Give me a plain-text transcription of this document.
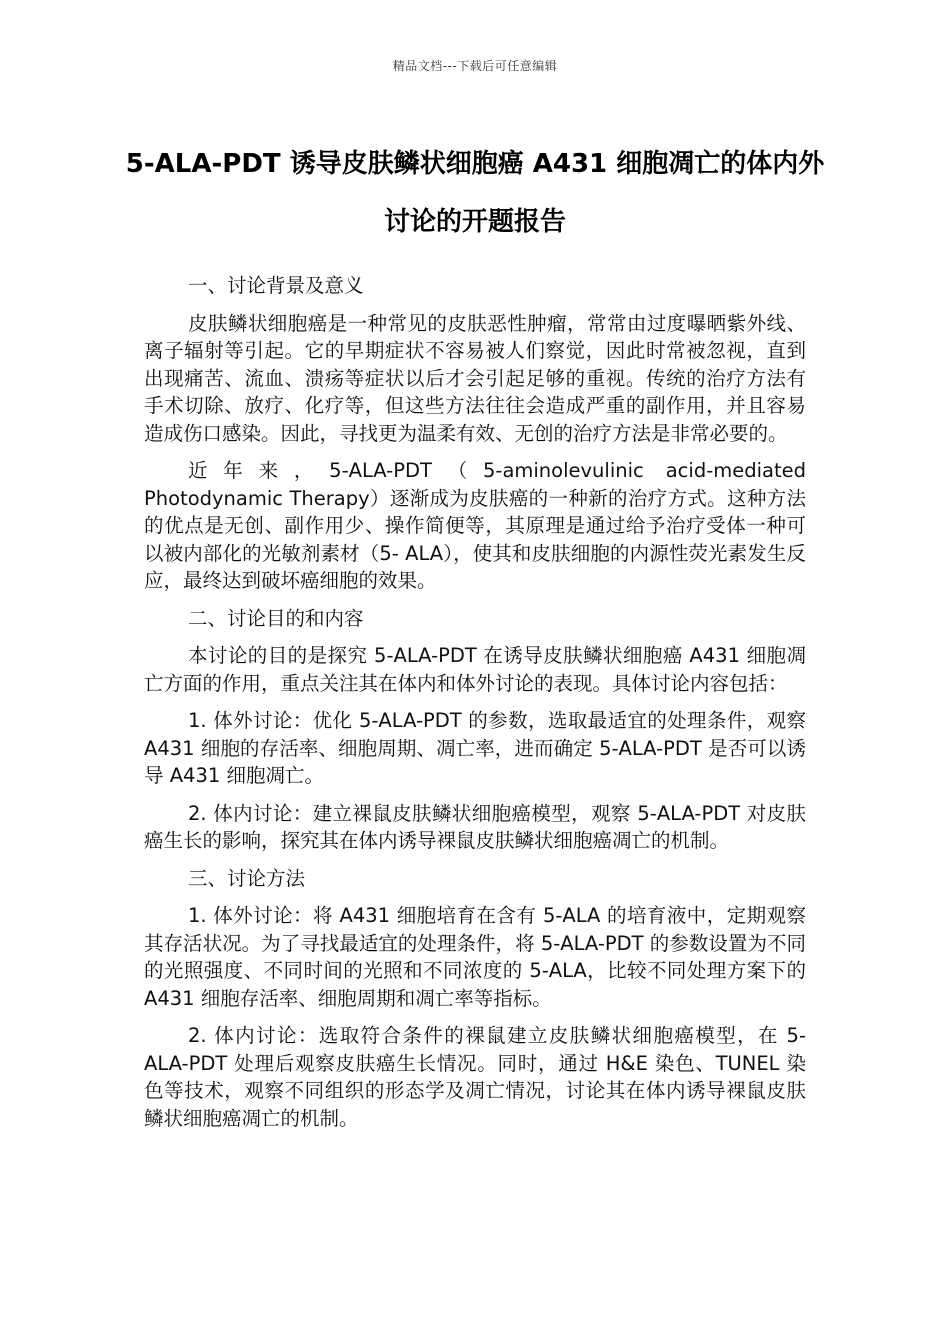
精品文档---下载后可任意编辑
5-ALA-PDT 诱导皮肤鳞状细胞癌 A431 细胞凋亡的体内外讨论的开题报告

一、讨论背景及意义

皮肤鳞状细胞癌是一种常见的皮肤恶性肿瘤，常常由过度曝晒紫外线、离子辐射等引起。它的早期症状不容易被人们察觉，因此时常被忽视，直到出现痛苦、流血、溃疡等症状以后才会引起足够的重视。传统的治疗方法有手术切除、放疗、化疗等，但这些方法往往会造成严重的副作用，并且容易造成伤口感染。因此，寻找更为温柔有效、无创的治疗方法是非常必要的。

近年来，5-ALA-PDT（5-aminolevulinic acid-mediated Photodynamic Therapy）逐渐成为皮肤癌的一种新的治疗方式。这种方法的优点是无创、副作用少、操作简便等，其原理是通过给予治疗受体一种可以被内部化的光敏剂素材（5- ALA），使其和皮肤细胞的内源性荧光素发生反应，最终达到破坏癌细胞的效果。

二、讨论目的和内容

本讨论的目的是探究 5-ALA-PDT 在诱导皮肤鳞状细胞癌 A431 细胞凋亡方面的作用，重点关注其在体内和体外讨论的表现。具体讨论内容包括：

1. 体外讨论：优化 5-ALA-PDT 的参数，选取最适宜的处理条件，观察 A431 细胞的存活率、细胞周期、凋亡率，进而确定 5-ALA-PDT 是否可以诱导 A431 细胞凋亡。

2. 体内讨论：建立裸鼠皮肤鳞状细胞癌模型，观察 5-ALA-PDT 对皮肤癌生长的影响，探究其在体内诱导裸鼠皮肤鳞状细胞癌凋亡的机制。

三、讨论方法

1. 体外讨论：将 A431 细胞培育在含有 5-ALA 的培育液中，定期观察其存活状况。为了寻找最适宜的处理条件，将 5-ALA-PDT 的参数设置为不同的光照强度、不同时间的光照和不同浓度的 5-ALA，比较不同处理方案下的 A431 细胞存活率、细胞周期和凋亡率等指标。

2. 体内讨论：选取符合条件的裸鼠建立皮肤鳞状细胞癌模型，在 5-ALA-PDT 处理后观察皮肤癌生长情况。同时，通过 H&E 染色、TUNEL 染色等技术，观察不同组织的形态学及凋亡情况，讨论其在体内诱导裸鼠皮肤鳞状细胞癌凋亡的机制。
